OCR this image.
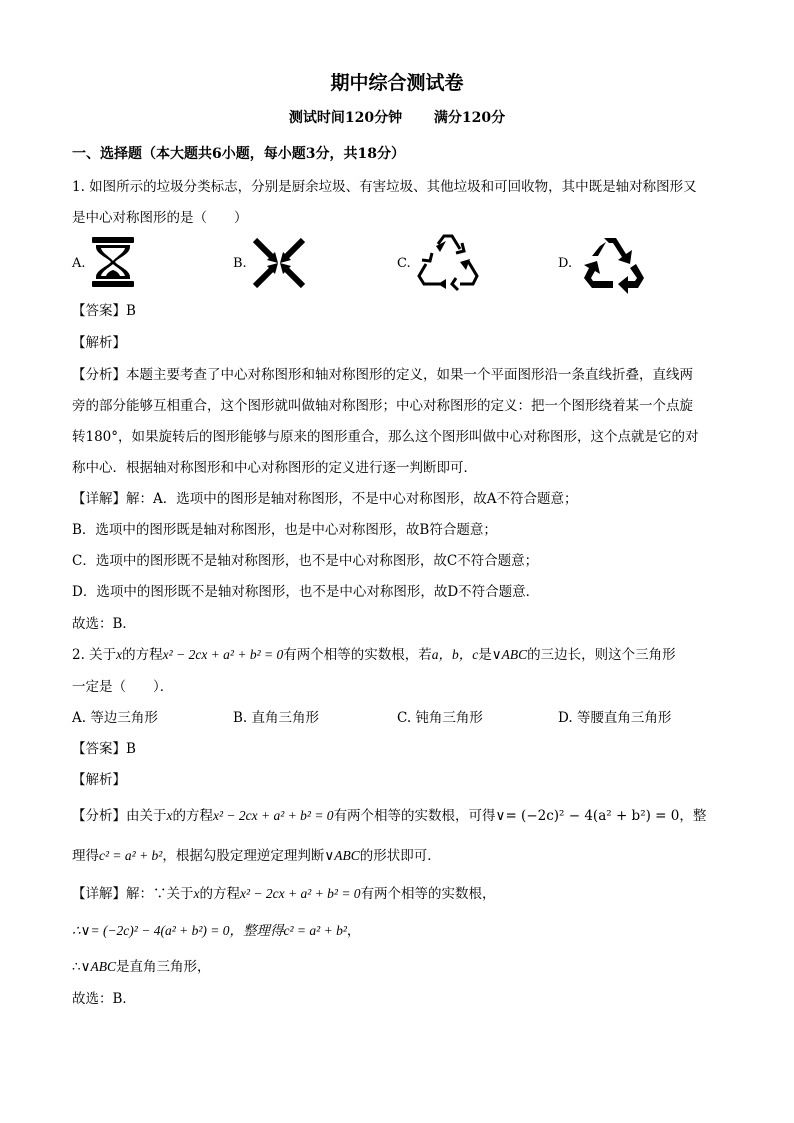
期中综合测试卷
测试时间120分钟 满分120分
一、选择题（本大题共6小题，每小题3分，共18分）
1. 如图所示的垃圾分类标志，分别是厨余垃圾、有害垃圾、其他垃圾和可回收物，其中既是轴对称图形又
是中心对称图形的是（　　）
A.	B.	C.	D.
【答案】B
【解析】
【分析】本题主要考查了中心对称图形和轴对称图形的定义，如果一个平面图形沿一条直线折叠，直线两
旁的部分能够互相重合，这个图形就叫做轴对称图形；中心对称图形的定义：把一个图形绕着某一个点旋
转180°，如果旋转后的图形能够与原来的图形重合，那么这个图形叫做中心对称图形，这个点就是它的对
称中心．根据轴对称图形和中心对称图形的定义进行逐一判断即可．
【详解】解：A．选项中的图形是轴对称图形，不是中心对称图形，故A不符合题意；
B．选项中的图形既是轴对称图形，也是中心对称图形，故B符合题意；
C．选项中的图形既不是轴对称图形，也不是中心对称图形，故C不符合题意；
D．选项中的图形既不是轴对称图形，也不是中心对称图形，故D不符合题意．
故选：B．
2. 关于x的方程x² − 2cx + a² + b² = 0有两个相等的实数根，若a，b，c是∨ABC的三边长，则这个三角形
一定是（　　）．
A. 等边三角形	B. 直角三角形	C. 钝角三角形	D. 等腰直角三角形
【答案】B
【解析】
【分析】由关于x的方程x² − 2cx + a² + b² = 0有两个相等的实数根，可得∨= (−2c)² − 4(a² + b²) = 0，整
理得c² = a² + b²，根据勾股定理逆定理判断∨ABC的形状即可．
【详解】解：∵关于x的方程x² − 2cx + a² + b² = 0有两个相等的实数根，
∴∨= (−2c)² − 4(a² + b²) = 0，整理得c² = a² + b²，
∴∨ABC是直角三角形，
故选：B．
